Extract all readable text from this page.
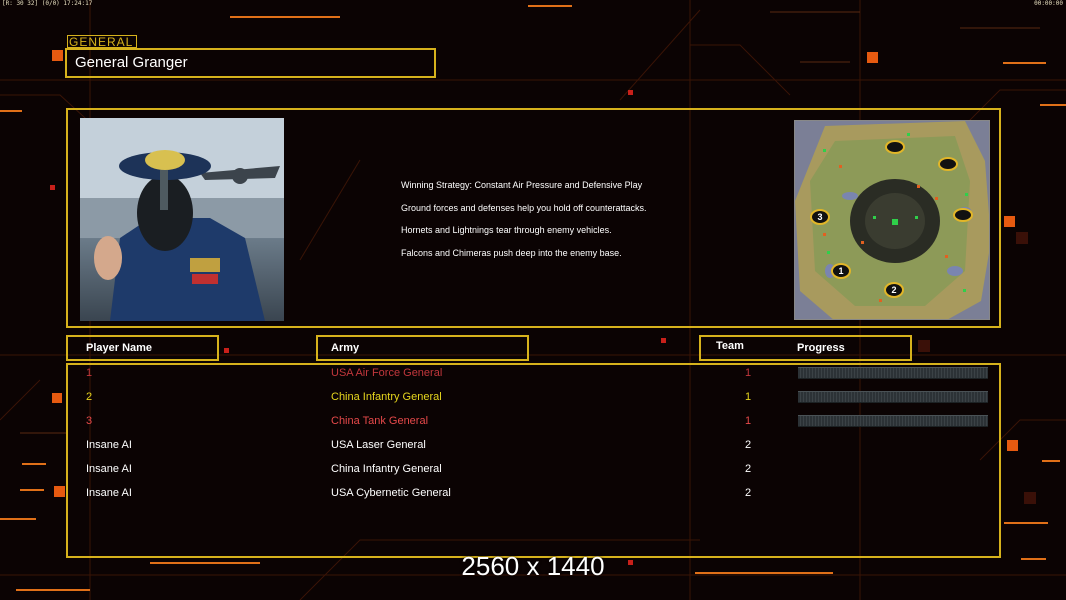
[R: 30 32] (0/0) 17:24:17	00:00:00
GENERAL
General Granger
Winning Strategy: Constant Air Pressure and Defensive Play
Ground forces and defenses help you hold off counterattacks.
Hornets and Lightnings tear through enemy vehicles.
Falcons and Chimeras push deep into the enemy base.
3
1
2
Player Name	Army	Team	Progress
1	USA Air Force General	1
2	China Infantry General	1
3	China Tank General	1
Insane AI	USA Laser General	2
Insane AI	China Infantry General	2
Insane AI	USA Cybernetic General	2
2560 x 1440
